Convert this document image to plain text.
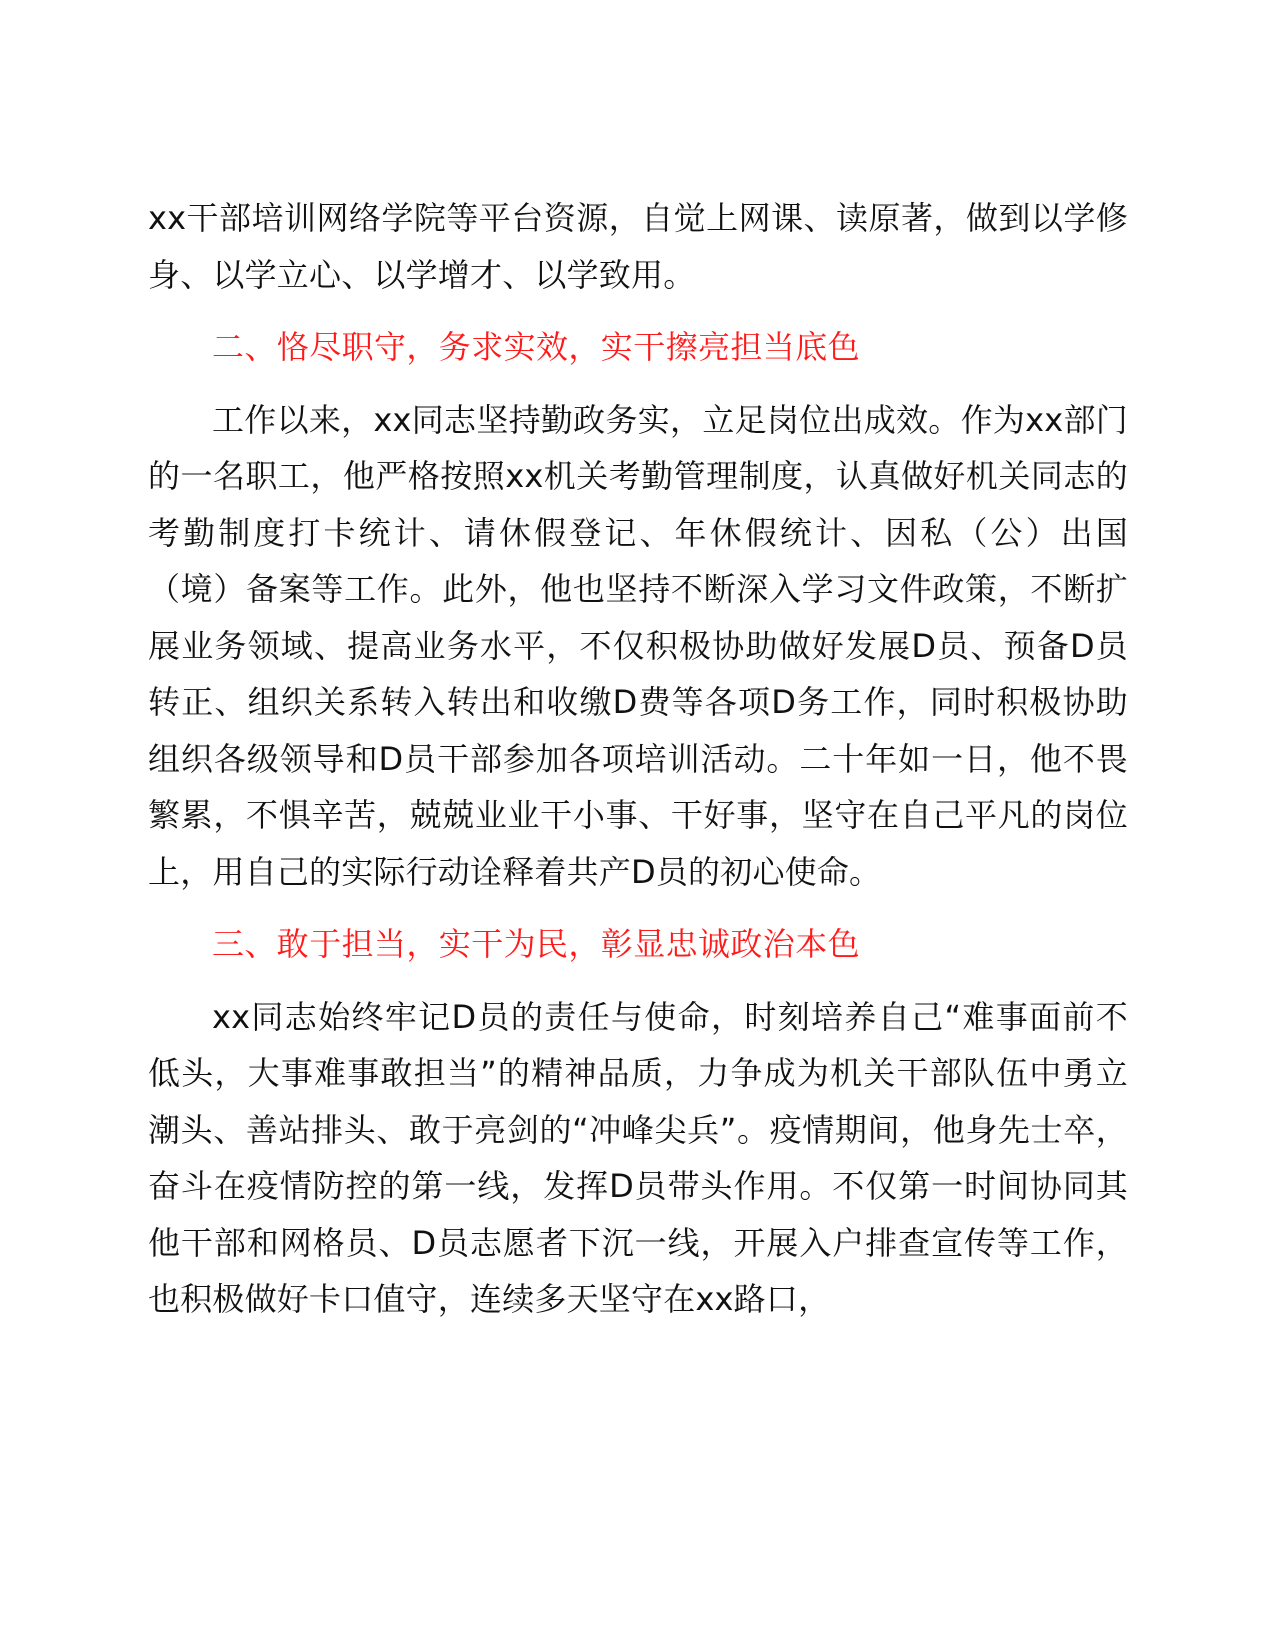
xx干部培训网络学院等平台资源，自觉上网课、读原著，做到以学修身、以学立心、以学增才、以学致用。

二、恪尽职守，务求实效，实干擦亮担当底色

工作以来，xx同志坚持勤政务实，立足岗位出成效。作为xx部门的一名职工，他严格按照xx机关考勤管理制度，认真做好机关同志的考勤制度打卡统计、请休假登记、年休假统计、因私（公）出国（境）备案等工作。此外，他也坚持不断深入学习文件政策，不断扩展业务领域、提高业务水平，不仅积极协助做好发展D员、预备D员转正、组织关系转入转出和收缴D费等各项D务工作，同时积极协助组织各级领导和D员干部参加各项培训活动。二十年如一日，他不畏繁累，不惧辛苦，兢兢业业干小事、干好事，坚守在自己平凡的岗位上，用自己的实际行动诠释着共产D员的初心使命。

三、敢于担当，实干为民，彰显忠诚政治本色

xx同志始终牢记D员的责任与使命，时刻培养自己“难事面前不低头，大事难事敢担当”的精神品质，力争成为机关干部队伍中勇立潮头、善站排头、敢于亮剑的“冲峰尖兵”。疫情期间，他身先士卒，奋斗在疫情防控的第一线，发挥D员带头作用。不仅第一时间协同其他干部和网格员、D员志愿者下沉一线，开展入户排查宣传等工作，也积极做好卡口值守，连续多天坚守在xx路口，
